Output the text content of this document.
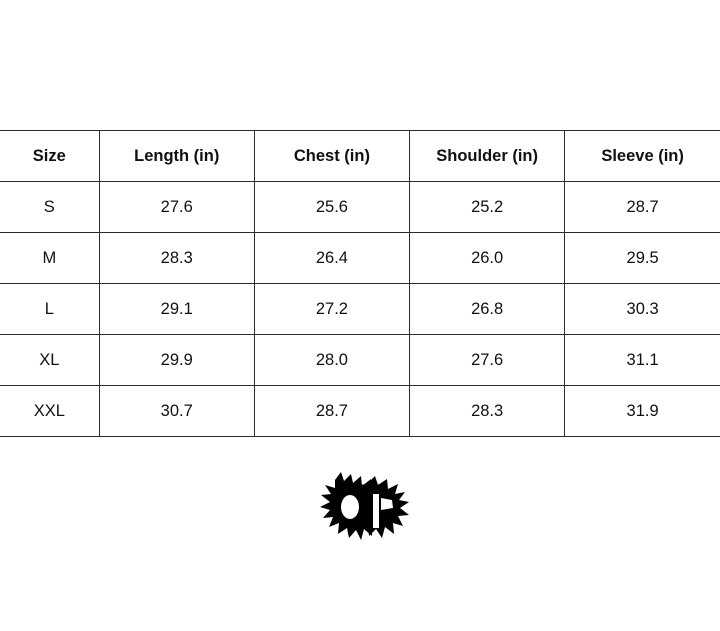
Size	Length (in)	Chest (in)	Shoulder (in)	Sleeve (in)
S	27.6	25.6	25.2	28.7
M	28.3	26.4	26.0	29.5
L	29.1	27.2	26.8	30.3
XL	29.9	28.0	27.6	31.1
XXL	30.7	28.7	28.3	31.9
